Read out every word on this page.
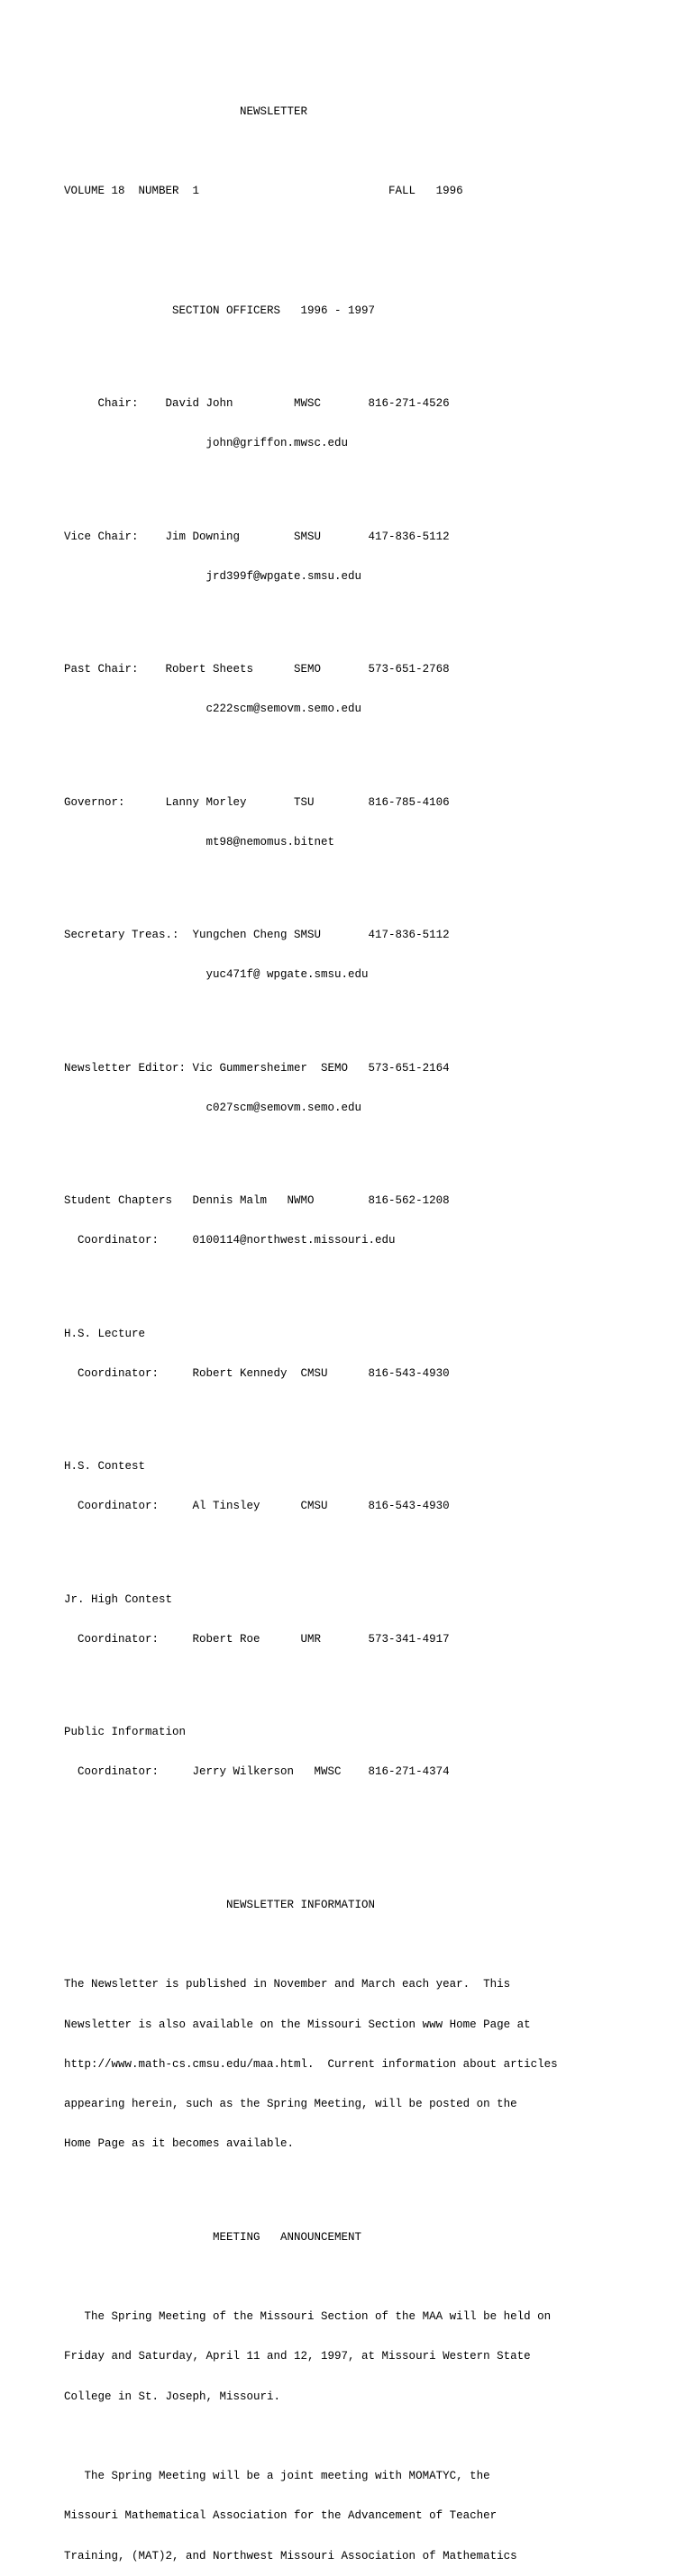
NEWSLETTER

VOLUME 18  NUMBER  1                            FALL   1996

SECTION OFFICERS   1996 - 1997

Chair:    David John         MWSC       816-271-4526

john@griffon.mwsc.edu

Vice Chair:    Jim Downing        SMSU       417-836-5112

jrd399f@wpgate.smsu.edu

Past Chair:    Robert Sheets      SEMO       573-651-2768

c222scm@semovm.semo.edu

Governor:      Lanny Morley       TSU        816-785-4106

mt98@nemomus.bitnet

Secretary Treas.:  Yungchen Cheng SMSU       417-836-5112

yuc471f@ wpgate.smsu.edu

Newsletter Editor: Vic Gummersheimer  SEMO   573-651-2164

c027scm@semovm.semo.edu

Student Chapters   Dennis Malm   NWMO        816-562-1208

Coordinator:     0100114@northwest.missouri.edu

H.S. Lecture

Coordinator:     Robert Kennedy  CMSU      816-543-4930

H.S. Contest

Coordinator:     Al Tinsley      CMSU      816-543-4930

Jr. High Contest

Coordinator:     Robert Roe      UMR       573-341-4917

Public Information

Coordinator:     Jerry Wilkerson   MWSC    816-271-4374

NEWSLETTER INFORMATION

The Newsletter is published in November and March each year.  This

Newsletter is also available on the Missouri Section www Home Page at

http://www.math-cs.cmsu.edu/maa.html.  Current information about articles

appearing herein, such as the Spring Meeting, will be posted on the

Home Page as it becomes available.

MEETING   ANNOUNCEMENT

The Spring Meeting of the Missouri Section of the MAA will be held on

Friday and Saturday, April 11 and 12, 1997, at Missouri Western State

College in St. Joseph, Missouri.

The Spring Meeting will be a joint meeting with MOMATYC, the

Missouri Mathematical Association for the Advancement of Teacher

Training, (MAT)2, and Northwest Missouri Association of Mathematics
